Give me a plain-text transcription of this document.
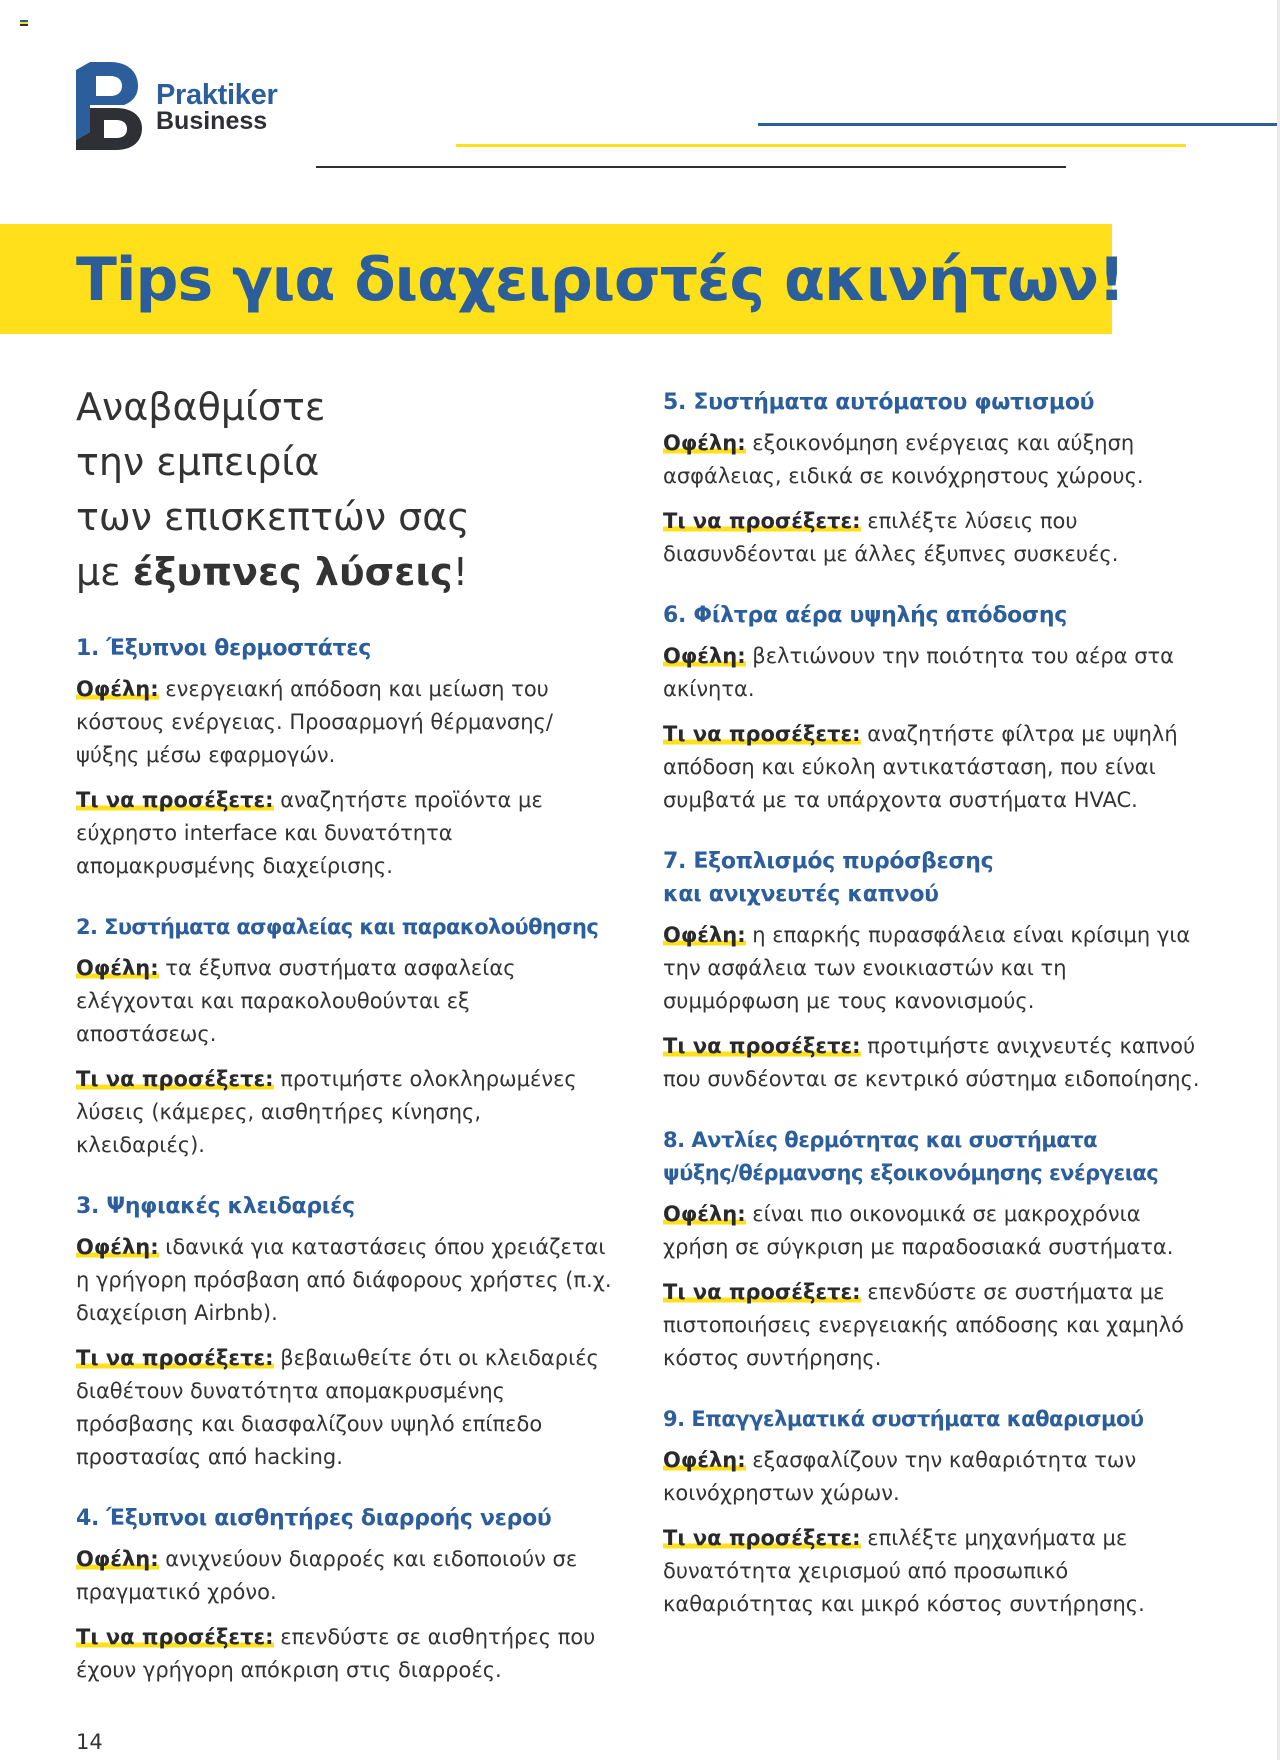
Praktiker
Business
Tips για διαχειριστές ακινήτων!

Αναβαθμίστε
την εμπειρία
των επισκεπτών σας
με έξυπνες λύσεις!

1. Έξυπνοι θερμοστάτες

Οφέλη: ενεργειακή απόδοση και μείωση του κόστους ενέργειας. Προσαρμογή θέρμανσης/ψύξης μέσω εφαρμογών.

Τι να προσέξετε: αναζητήστε προϊόντα με εύχρηστο interface και δυνατότητα απομακρυσμένης διαχείρισης.

2. Συστήματα ασφαλείας και παρακολούθησης

Οφέλη: τα έξυπνα συστήματα ασφαλείας ελέγχονται και παρακολουθούνται εξ αποστάσεως.

Τι να προσέξετε: προτιμήστε ολοκληρωμένες λύσεις (κάμερες, αισθητήρες κίνησης, κλειδαριές).

3. Ψηφιακές κλειδαριές

Οφέλη: ιδανικά για καταστάσεις όπου χρειάζεται η γρήγορη πρόσβαση από διάφορους χρήστες (π.χ. διαχείριση Airbnb).

Τι να προσέξετε: βεβαιωθείτε ότι οι κλειδαριές διαθέτουν δυνατότητα απομακρυσμένης πρόσβασης και διασφαλίζουν υψηλό επίπεδο προστασίας από hacking.

4. Έξυπνοι αισθητήρες διαρροής νερού

Οφέλη: ανιχνεύουν διαρροές και ειδοποιούν σε πραγματικό χρόνο.

Τι να προσέξετε: επενδύστε σε αισθητήρες που έχουν γρήγορη απόκριση στις διαρροές.

5. Συστήματα αυτόματου φωτισμού

Οφέλη: εξοικονόμηση ενέργειας και αύξηση ασφάλειας, ειδικά σε κοινόχρηστους χώρους.

Τι να προσέξετε: επιλέξτε λύσεις που διασυνδέονται με άλλες έξυπνες συσκευές.

6. Φίλτρα αέρα υψηλής απόδοσης

Οφέλη: βελτιώνουν την ποιότητα του αέρα στα ακίνητα.

Τι να προσέξετε: αναζητήστε φίλτρα με υψηλή απόδοση και εύκολη αντικατάσταση, που είναι συμβατά με τα υπάρχοντα συστήματα HVAC.

7. Εξοπλισμός πυρόσβεσης
και ανιχνευτές καπνού

Οφέλη: η επαρκής πυρασφάλεια είναι κρίσιμη για την ασφάλεια των ενοικιαστών και τη συμμόρφωση με τους κανονισμούς.

Τι να προσέξετε: προτιμήστε ανιχνευτές καπνού που συνδέονται σε κεντρικό σύστημα ειδοποίησης.

8. Αντλίες θερμότητας και συστήματα
ψύξης/θέρμανσης εξοικονόμησης ενέργειας

Οφέλη: είναι πιο οικονομικά σε μακροχρόνια χρήση σε σύγκριση με παραδοσιακά συστήματα.

Τι να προσέξετε: επενδύστε σε συστήματα με πιστοποιήσεις ενεργειακής απόδοσης και χαμηλό κόστος συντήρησης.

9. Επαγγελματικά συστήματα καθαρισμού

Οφέλη: εξασφαλίζουν την καθαριότητα των κοινόχρηστων χώρων.

Τι να προσέξετε: επιλέξτε μηχανήματα με δυνατότητα χειρισμού από προσωπικό καθαριότητας και μικρό κόστος συντήρησης.

14
